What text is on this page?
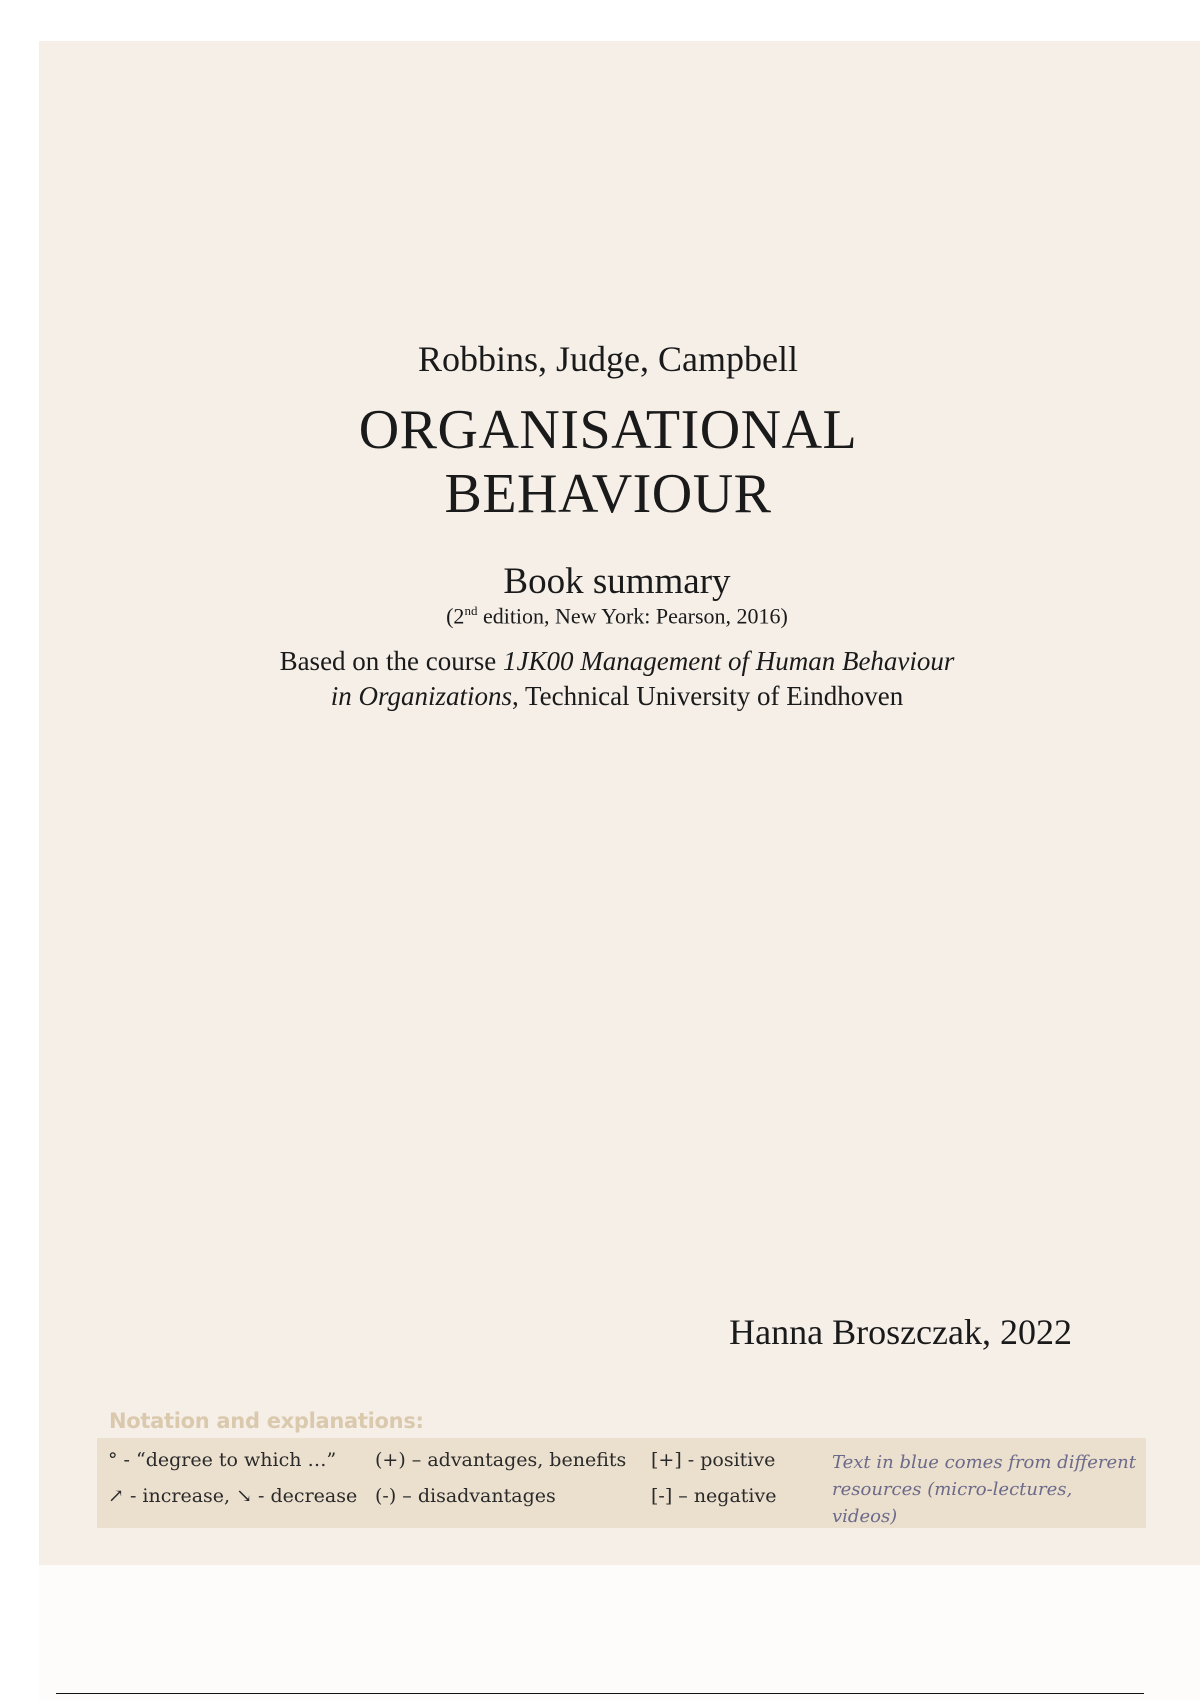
Robbins, Judge, Campbell
ORGANISATIONAL
BEHAVIOUR
Book summary
(2nd edition, New York: Pearson, 2016)
Based on the course 1JK00 Management of Human Behaviour
in Organizations, Technical University of Eindhoven
Hanna Broszczak, 2022
Notation and explanations:
° - “degree to which …”
↗ - increase, ↘ - decrease
(+) – advantages, benefits
(-) – disadvantages
[+] - positive
[-] – negative
Text in blue comes from different
resources (micro-lectures, videos)
